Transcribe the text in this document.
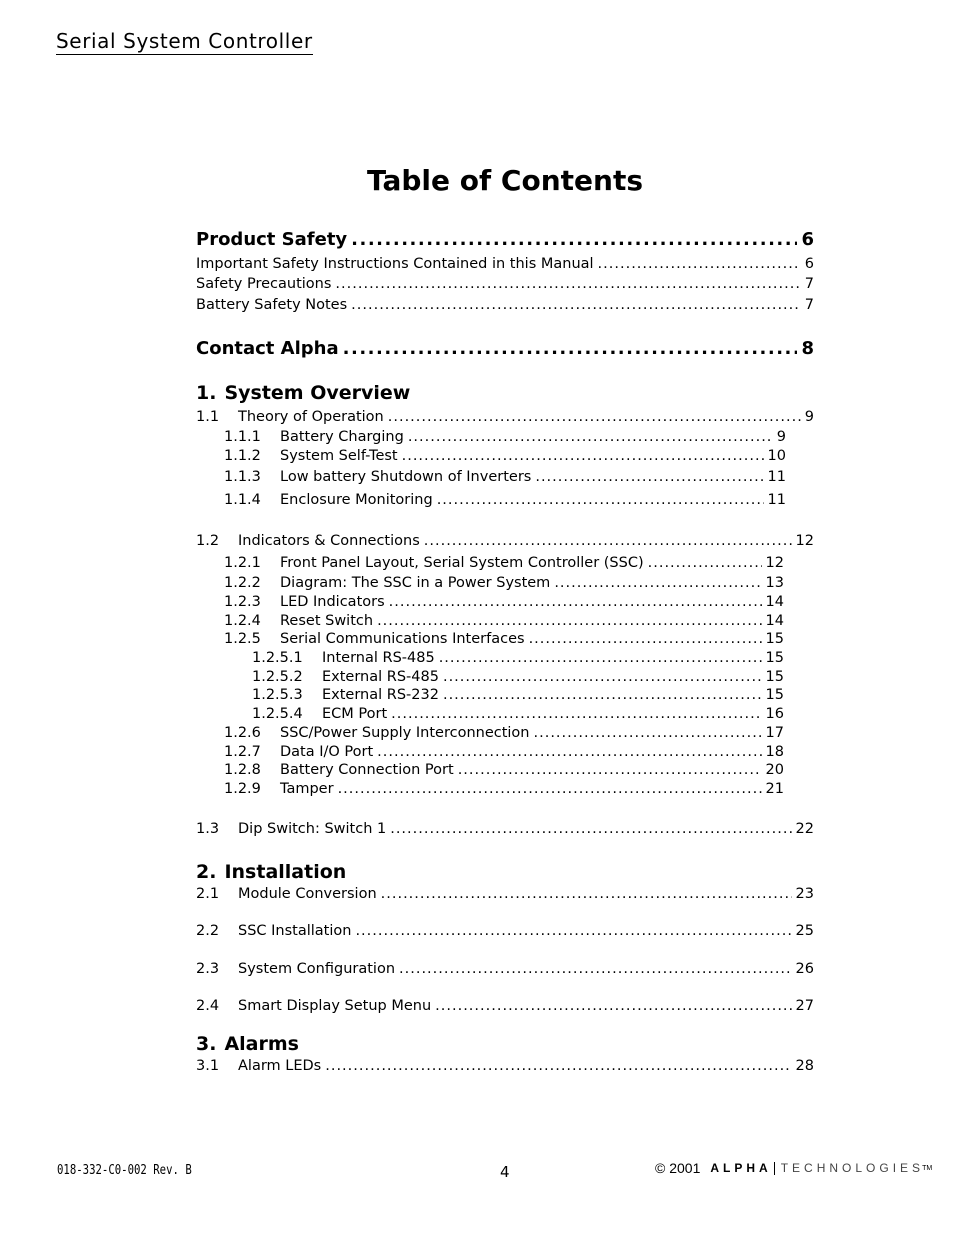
Serial System Controller
Table of Contents
Product Safety .....	6
Important Safety Instructions Contained in this Manual .....	6
Safety Precautions .....	7
Battery Safety Notes .....	7
Contact Alpha .....	8
1. System Overview
1.1	Theory of Operation .....	9
1.1.1	Battery Charging .....	9
1.1.2	System Self-Test .....	10
1.1.3	Low battery Shutdown of Inverters .....	11
1.1.4	Enclosure Monitoring .....	11
1.2	Indicators & Connections .....	12
1.2.1	Front Panel Layout, Serial System Controller (SSC) .....	12
1.2.2	Diagram: The SSC in a Power System .....	13
1.2.3	LED Indicators .....	14
1.2.4	Reset Switch .....	14
1.2.5	Serial Communications Interfaces .....	15
1.2.5.1	Internal RS-485 .....	15
1.2.5.2	External RS-485 .....	15
1.2.5.3	External RS-232 .....	15
1.2.5.4	ECM Port .....	16
1.2.6	SSC/Power Supply Interconnection .....	17
1.2.7	Data I/O Port .....	18
1.2.8	Battery Connection Port .....	20
1.2.9	Tamper .....	21
1.3	Dip Switch: Switch 1 .....	22
2. Installation
2.1	Module Conversion .....	23
2.2	SSC Installation .....	25
2.3	System Configuration .....	26
2.4	Smart Display Setup Menu .....	27
3. Alarms
3.1	Alarm LEDs .....	28
018-332-C0-002 Rev. B	4	© 2001 ALPHA TECHNOLOGIES
TM
